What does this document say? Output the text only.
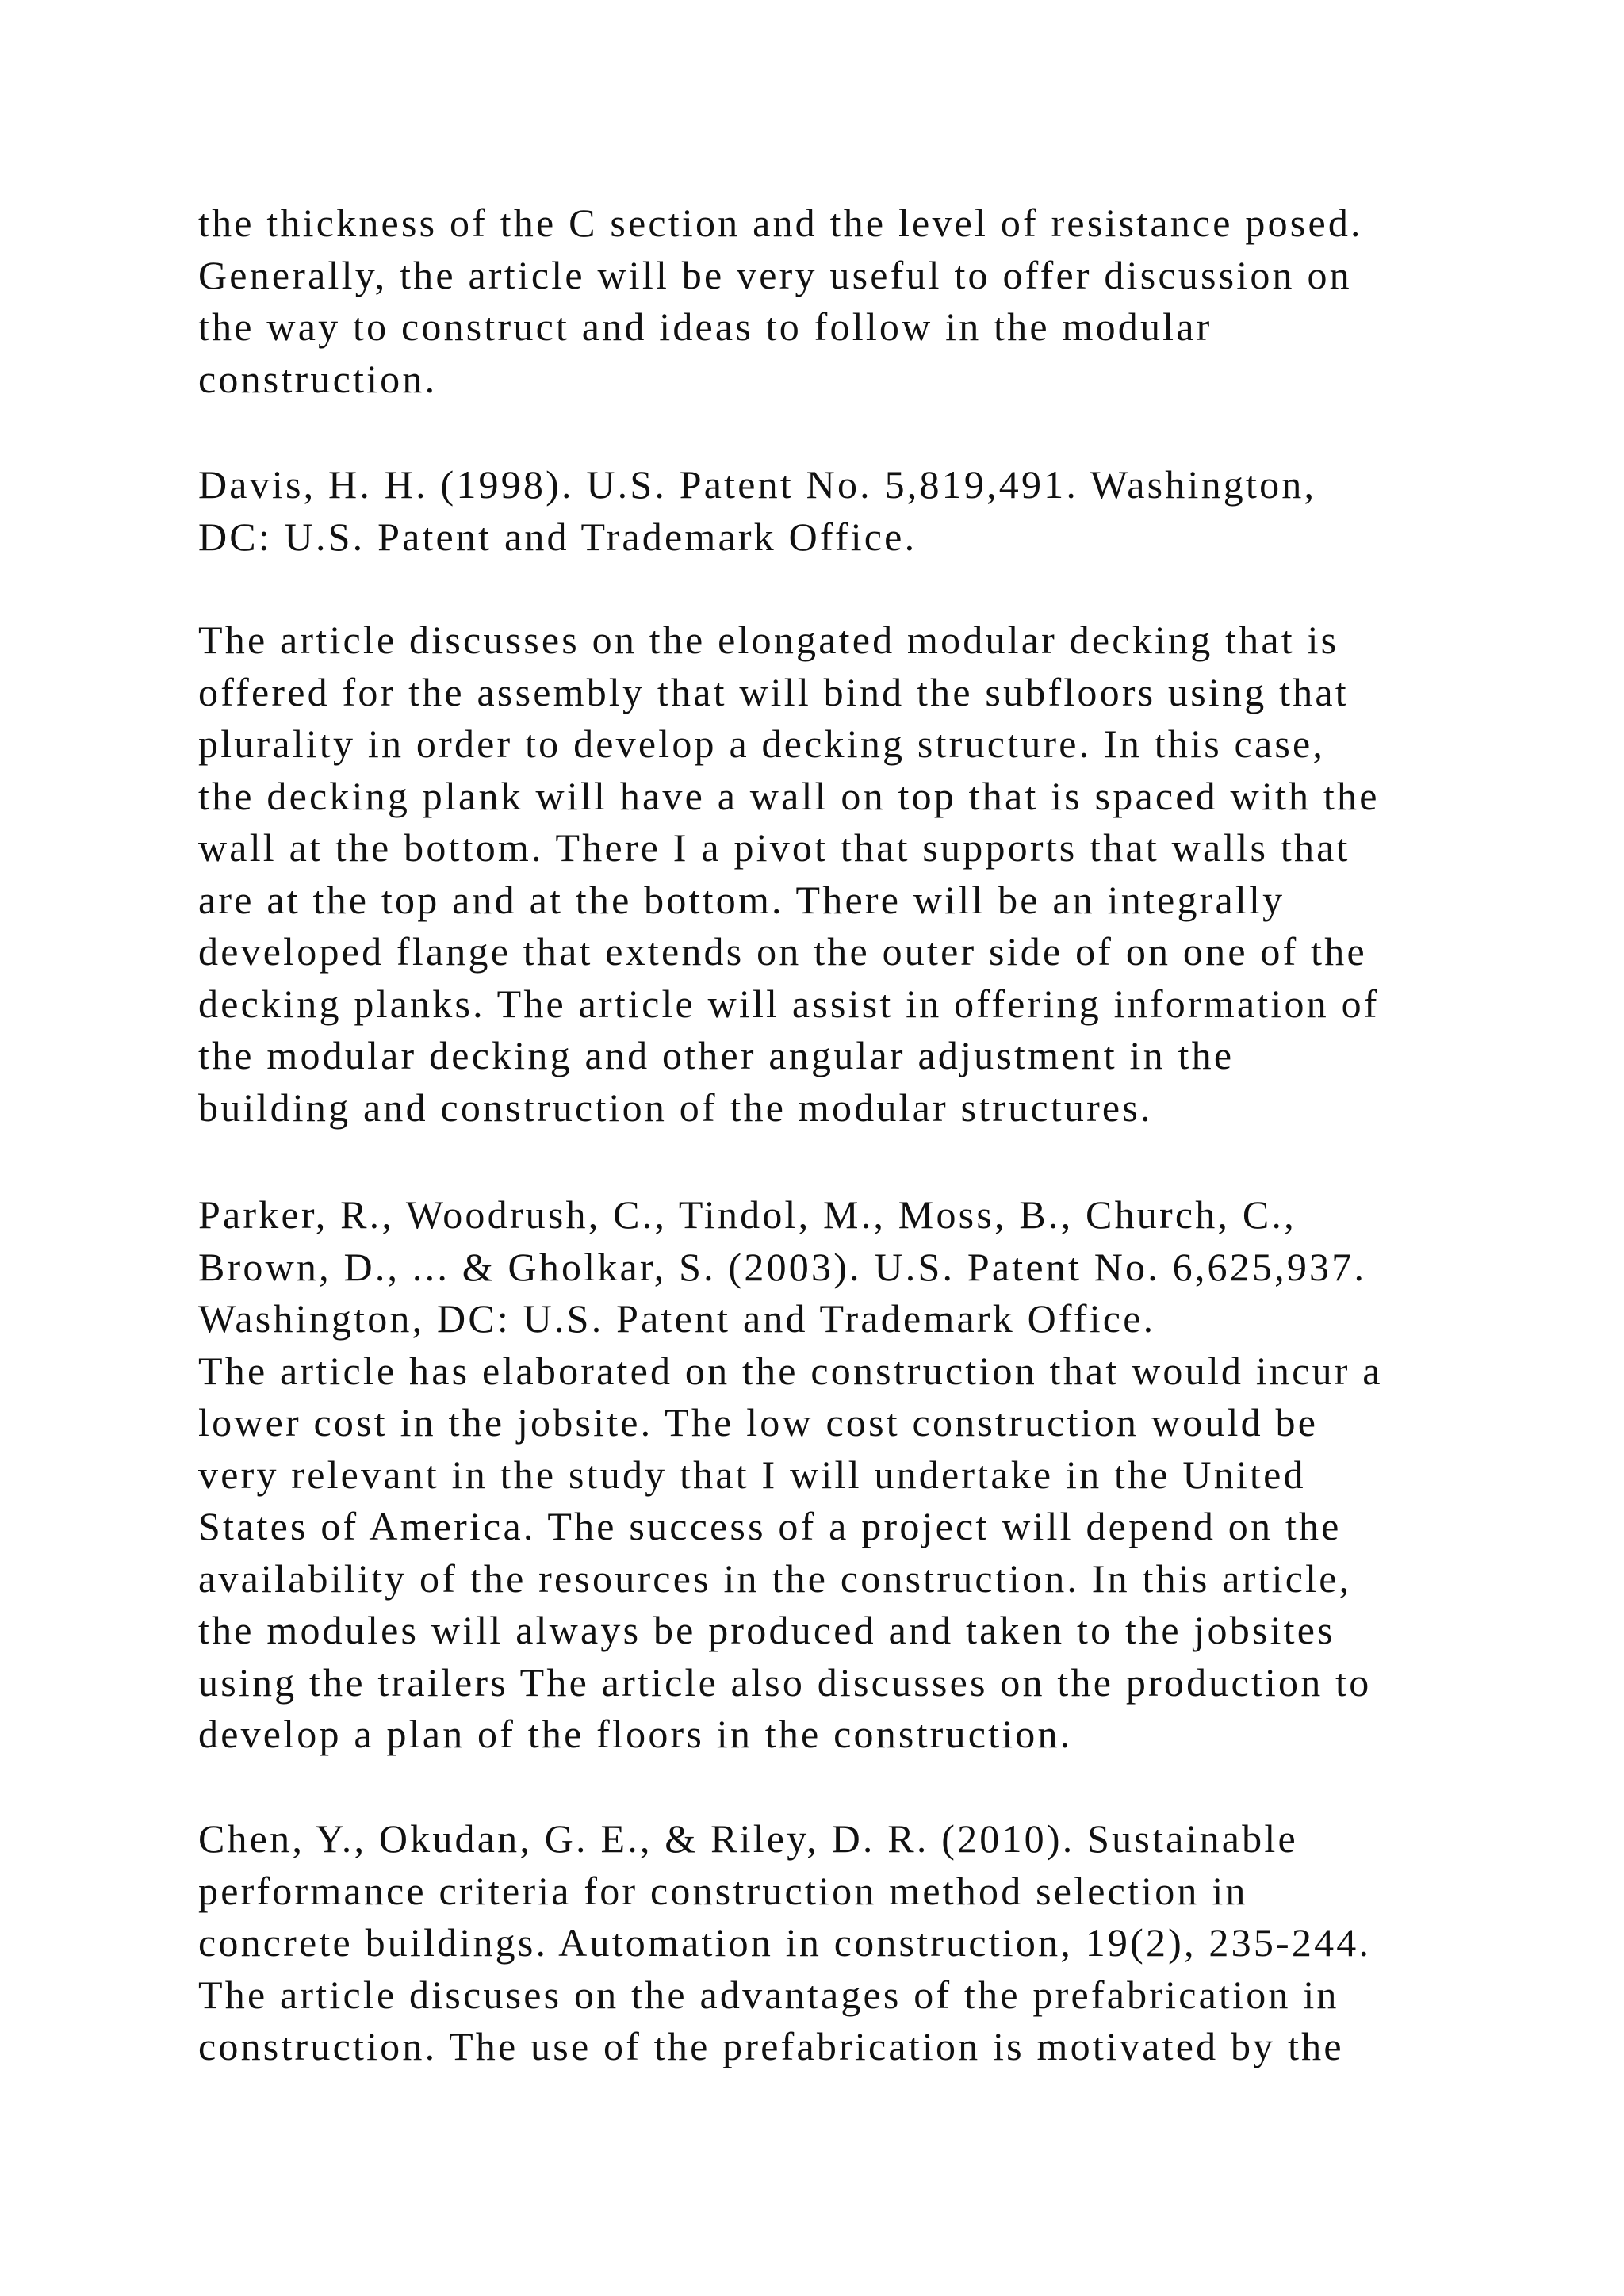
the thickness of the C section and the level of resistance posed.
Generally, the article will be very useful to offer discussion on
the way to construct and ideas to follow in the modular
construction.
Davis, H. H. (1998). U.S. Patent No. 5,819,491. Washington,
DC: U.S. Patent and Trademark Office.
The article discusses on the elongated modular decking that is
offered for the assembly that will bind the subfloors using that
plurality in order to develop a decking structure. In this case,
the decking plank will have a wall on top that is spaced with the
wall at the bottom. There I a pivot that supports that walls that
are at the top and at the bottom. There will be an integrally
developed flange that extends on the outer side of on one of the
decking planks. The article will assist in offering information of
the modular decking and other angular adjustment in the
building and construction of the modular structures.
Parker, R., Woodrush, C., Tindol, M., Moss, B., Church, C.,
Brown, D., ... & Gholkar, S. (2003). U.S. Patent No. 6,625,937.
Washington, DC: U.S. Patent and Trademark Office.
The article has elaborated on the construction that would incur a
lower cost in the jobsite. The low cost construction would be
very relevant in the study that I will undertake in the United
States of America. The success of a project will depend on the
availability of the resources in the construction. In this article,
the modules will always be produced and taken to the jobsites
using the trailers The article also discusses on the production to
develop a plan of the floors in the construction.
Chen, Y., Okudan, G. E., & Riley, D. R. (2010). Sustainable
performance criteria for construction method selection in
concrete buildings. Automation in construction, 19(2), 235-244.
The article discuses on the advantages of the prefabrication in
construction. The use of the prefabrication is motivated by the
